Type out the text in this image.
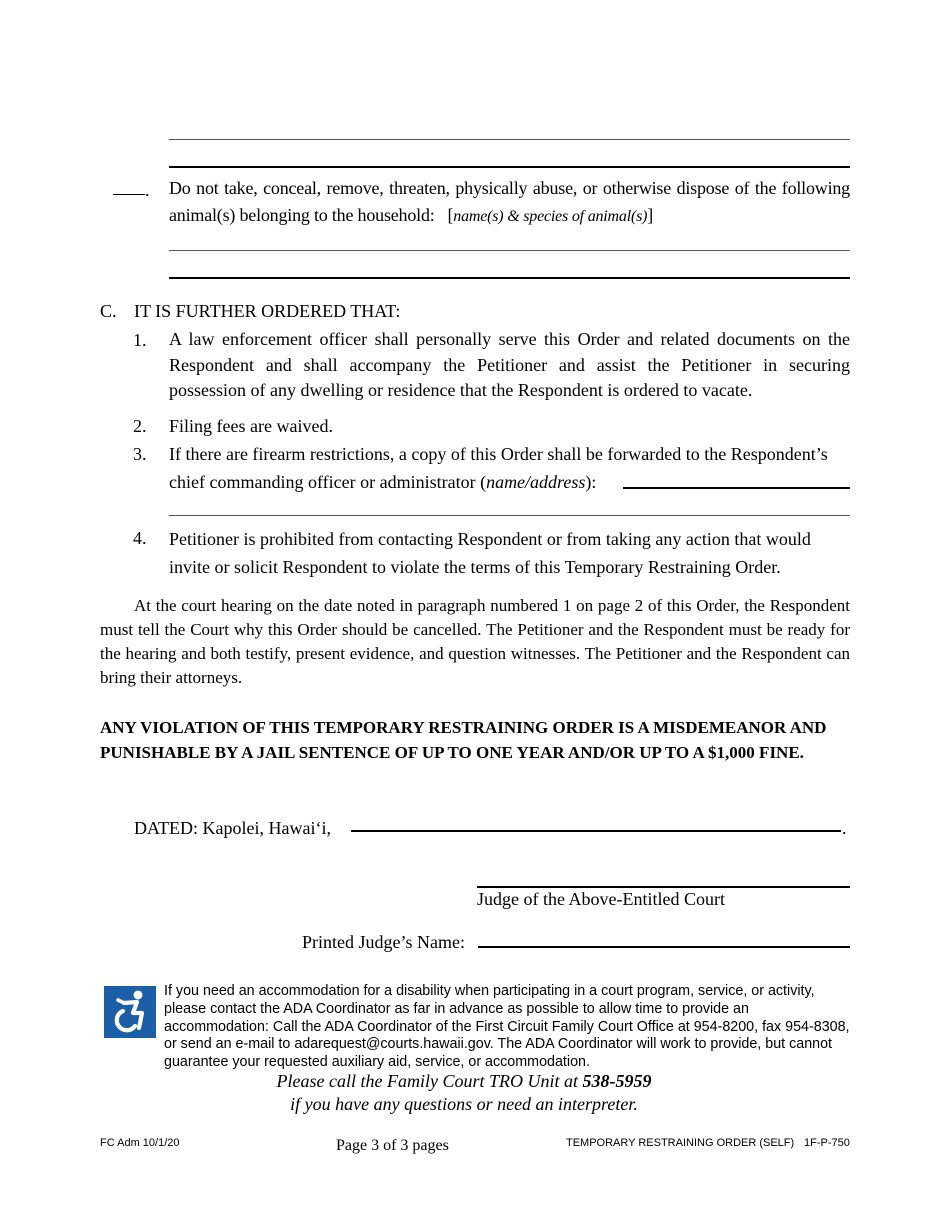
. Do not take, conceal, remove, threaten, physically abuse, or otherwise dispose of the following animal(s) belonging to the household: [name(s) & species of animal(s)]
C. IT IS FURTHER ORDERED THAT:
1.	A law enforcement officer shall personally serve this Order and related documents on the Respondent and shall accompany the Petitioner and assist the Petitioner in securing possession of any dwelling or residence that the Respondent is ordered to vacate.
2.	Filing fees are waived.
3.	If there are firearm restrictions, a copy of this Order shall be forwarded to the Respondent’s
chief commanding officer or administrator (name/address):
4.	Petitioner is prohibited from contacting Respondent or from taking any action that would invite or solicit Respondent to violate the terms of this Temporary Restraining Order.
At the court hearing on the date noted in paragraph numbered 1 on page 2 of this Order, the Respondent must tell the Court why this Order should be cancelled. The Petitioner and the Respondent must be ready for the hearing and both testify, present evidence, and question witnesses. The Petitioner and the Respondent can bring their attorneys.
ANY VIOLATION OF THIS TEMPORARY RESTRAINING ORDER IS A MISDEMEANOR AND PUNISHABLE BY A JAIL SENTENCE OF UP TO ONE YEAR AND/OR UP TO A $1,000 FINE.
DATED: Kapolei, Hawai‘i,	.
Judge of the Above-Entitled Court
Printed Judge’s Name:
If you need an accommodation for a disability when participating in a court program, service, or activity, please contact the ADA Coordinator as far in advance as possible to allow time to provide an accommodation: Call the ADA Coordinator of the First Circuit Family Court Office at 954-8200, fax 954-8308, or send an e-mail to adarequest@courts.hawaii.gov. The ADA Coordinator will work to provide, but cannot guarantee your requested auxiliary aid, service, or accommodation.
Please call the Family Court TRO Unit at 538-5959
if you have any questions or need an interpreter.
FC Adm 10/1/20	Page 3 of 3 pages	TEMPORARY RESTRAINING ORDER (SELF) 1F-P-750
